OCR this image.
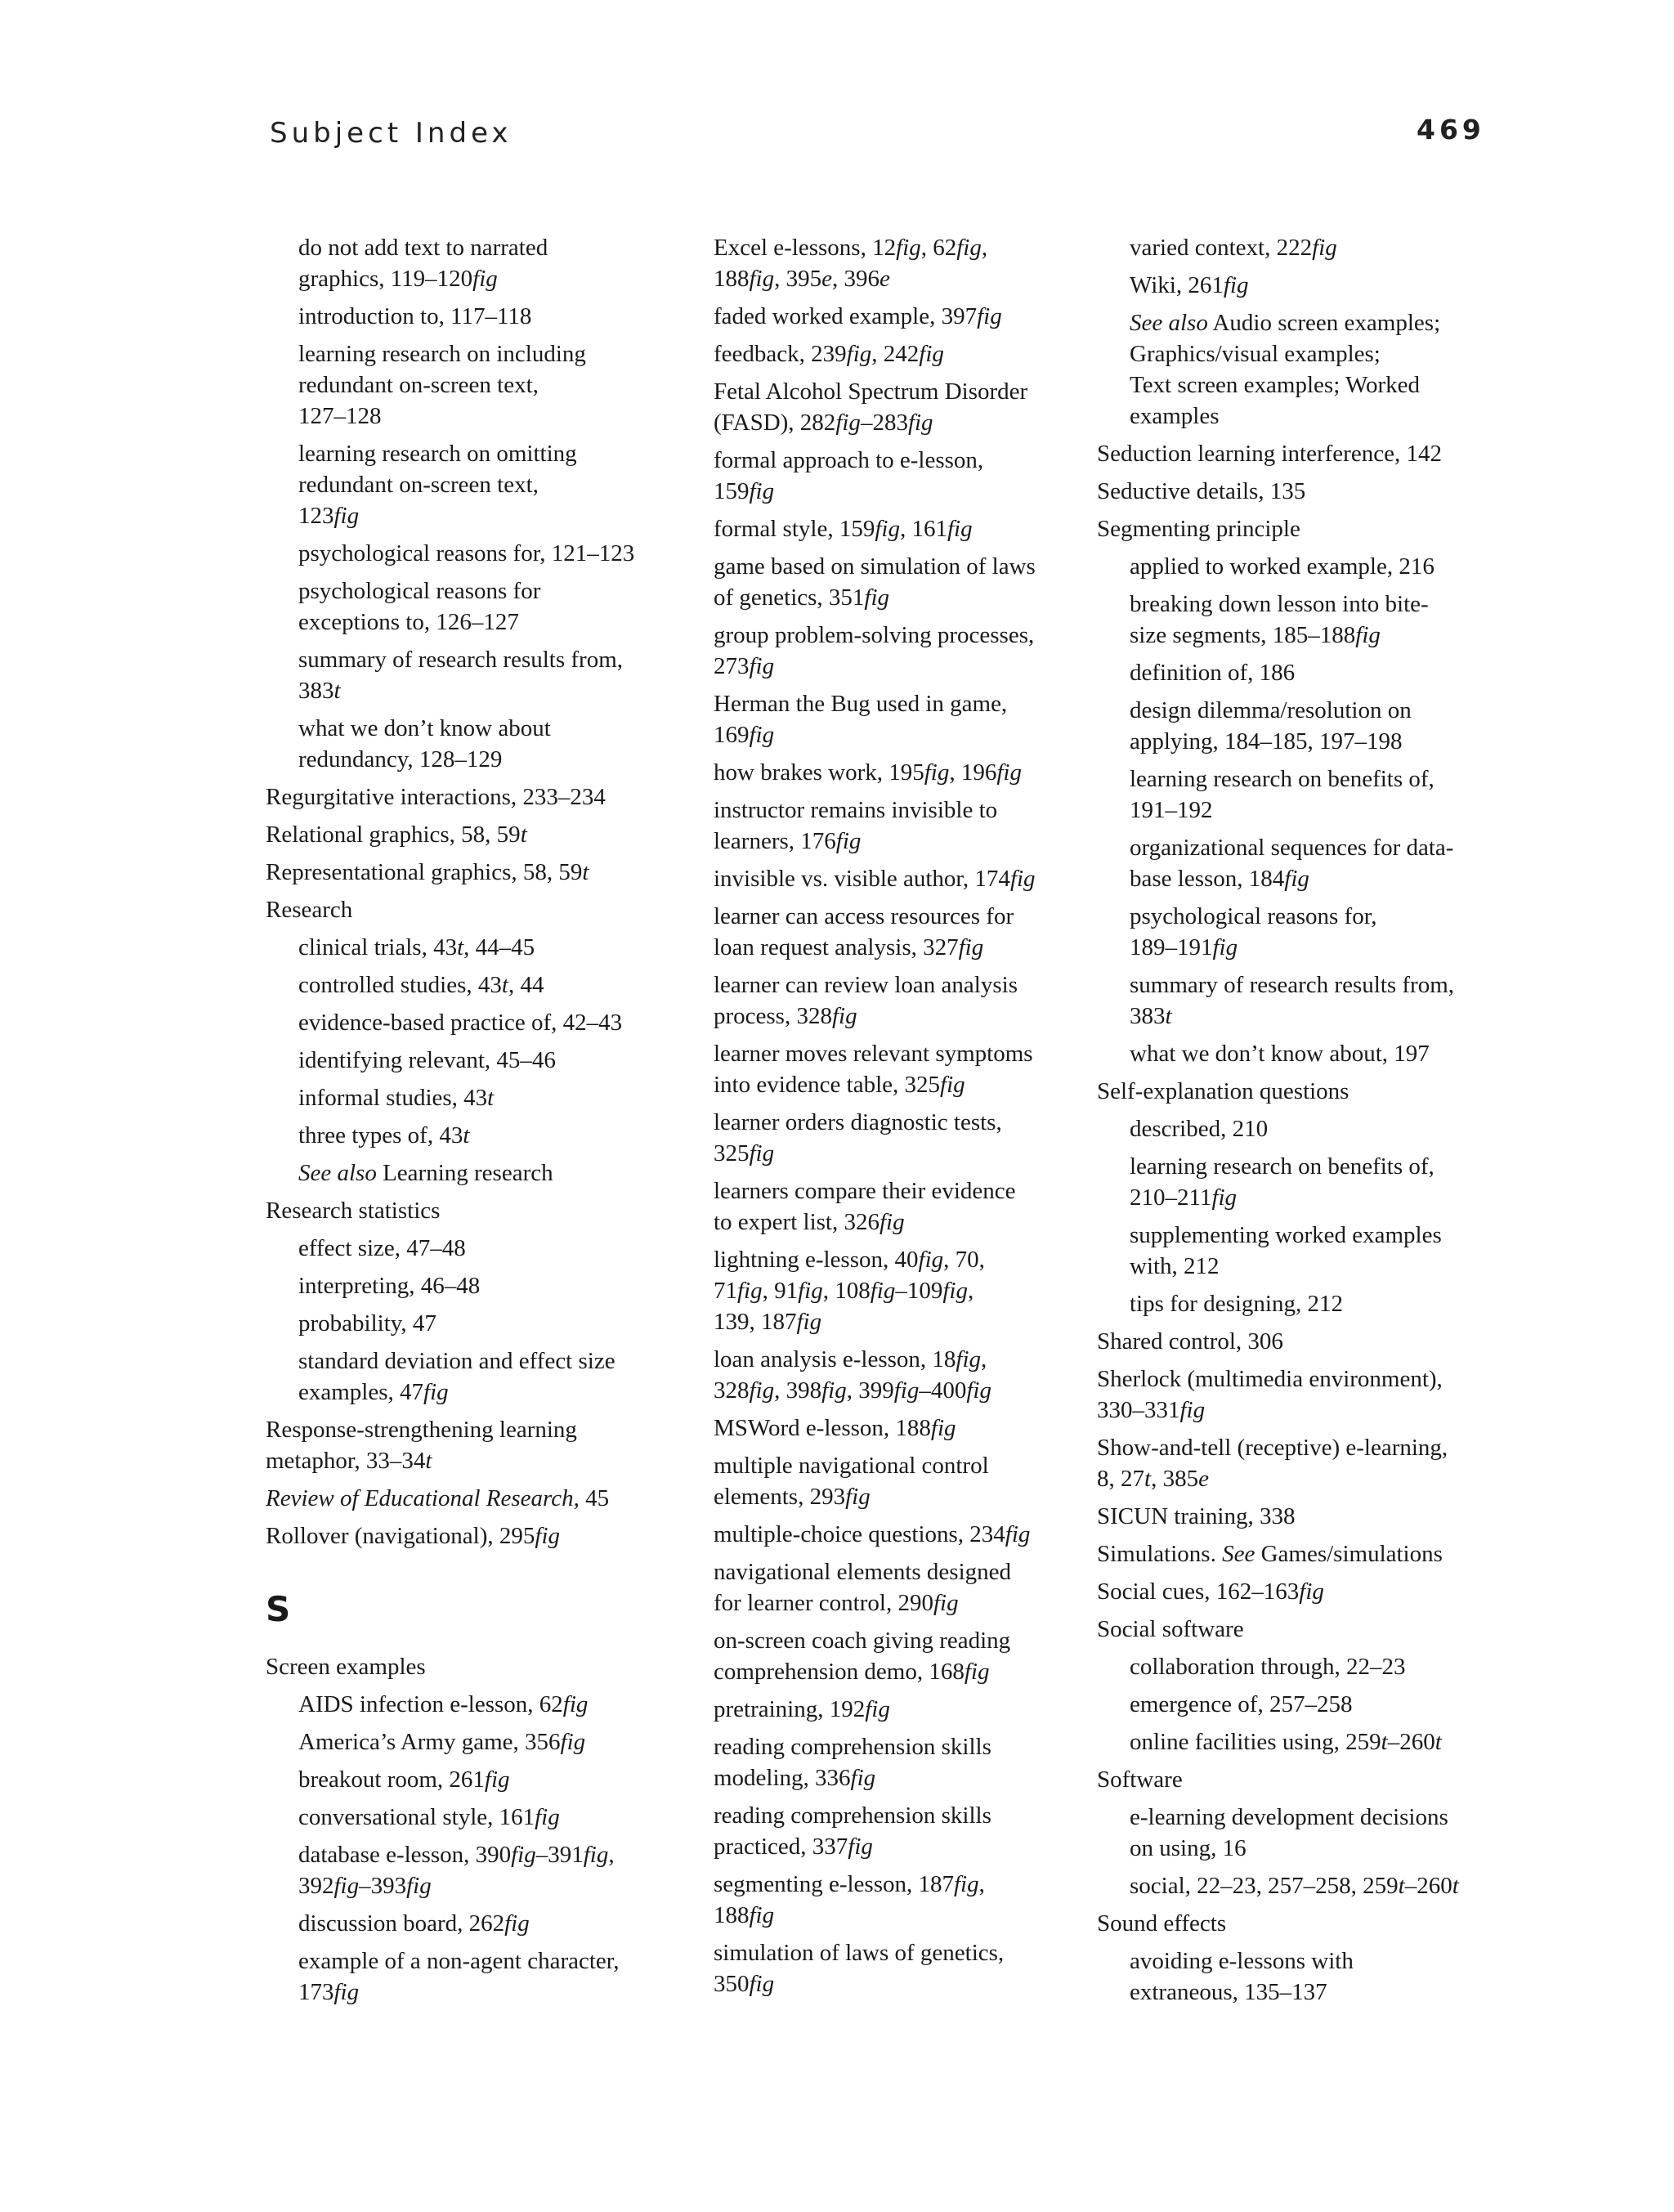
Subject Index	469
do not add text to narrated
graphics, 119–120fig
introduction to, 117–118
learning research on including
redundant on-screen text,
127–128
learning research on omitting
redundant on-screen text,
123fig
psychological reasons for, 121–123
psychological reasons for
exceptions to, 126–127
summary of research results from,
383t
what we don’t know about
redundancy, 128–129
Regurgitative interactions, 233–234
Relational graphics, 58, 59t
Representational graphics, 58, 59t
Research
clinical trials, 43t, 44–45
controlled studies, 43t, 44
evidence-based practice of, 42–43
identifying relevant, 45–46
informal studies, 43t
three types of, 43t
See also Learning research
Research statistics
effect size, 47–48
interpreting, 46–48
probability, 47
standard deviation and effect size
examples, 47fig
Response-strengthening learning
metaphor, 33–34t
Review of Educational Research, 45
Rollover (navigational), 295fig
S
Screen examples
AIDS infection e-lesson, 62fig
America’s Army game, 356fig
breakout room, 261fig
conversational style, 161fig
database e-lesson, 390fig–391fig,
392fig–393fig
discussion board, 262fig
example of a non-agent character,
173fig
Excel e-lessons, 12fig, 62fig,
188fig, 395e, 396e
faded worked example, 397fig
feedback, 239fig, 242fig
Fetal Alcohol Spectrum Disorder
(FASD), 282fig–283fig
formal approach to e-lesson,
159fig
formal style, 159fig, 161fig
game based on simulation of laws
of genetics, 351fig
group problem-solving processes,
273fig
Herman the Bug used in game,
169fig
how brakes work, 195fig, 196fig
instructor remains invisible to
learners, 176fig
invisible vs. visible author, 174fig
learner can access resources for
loan request analysis, 327fig
learner can review loan analysis
process, 328fig
learner moves relevant symptoms
into evidence table, 325fig
learner orders diagnostic tests,
325fig
learners compare their evidence
to expert list, 326fig
lightning e-lesson, 40fig, 70,
71fig, 91fig, 108fig–109fig,
139, 187fig
loan analysis e-lesson, 18fig,
328fig, 398fig, 399fig–400fig
MSWord e-lesson, 188fig
multiple navigational control
elements, 293fig
multiple-choice questions, 234fig
navigational elements designed
for learner control, 290fig
on-screen coach giving reading
comprehension demo, 168fig
pretraining, 192fig
reading comprehension skills
modeling, 336fig
reading comprehension skills
practiced, 337fig
segmenting e-lesson, 187fig,
188fig
simulation of laws of genetics,
350fig
varied context, 222fig
Wiki, 261fig
See also Audio screen examples;
Graphics/visual examples;
Text screen examples; Worked
examples
Seduction learning interference, 142
Seductive details, 135
Segmenting principle
applied to worked example, 216
breaking down lesson into bite-
size segments, 185–188fig
definition of, 186
design dilemma/resolution on
applying, 184–185, 197–198
learning research on benefits of,
191–192
organizational sequences for data-
base lesson, 184fig
psychological reasons for,
189–191fig
summary of research results from,
383t
what we don’t know about, 197
Self-explanation questions
described, 210
learning research on benefits of,
210–211fig
supplementing worked examples
with, 212
tips for designing, 212
Shared control, 306
Sherlock (multimedia environment),
330–331fig
Show-and-tell (receptive) e-learning,
8, 27t, 385e
SICUN training, 338
Simulations. See Games/simulations
Social cues, 162–163fig
Social software
collaboration through, 22–23
emergence of, 257–258
online facilities using, 259t–260t
Software
e-learning development decisions
on using, 16
social, 22–23, 257–258, 259t–260t
Sound effects
avoiding e-lessons with
extraneous, 135–137
